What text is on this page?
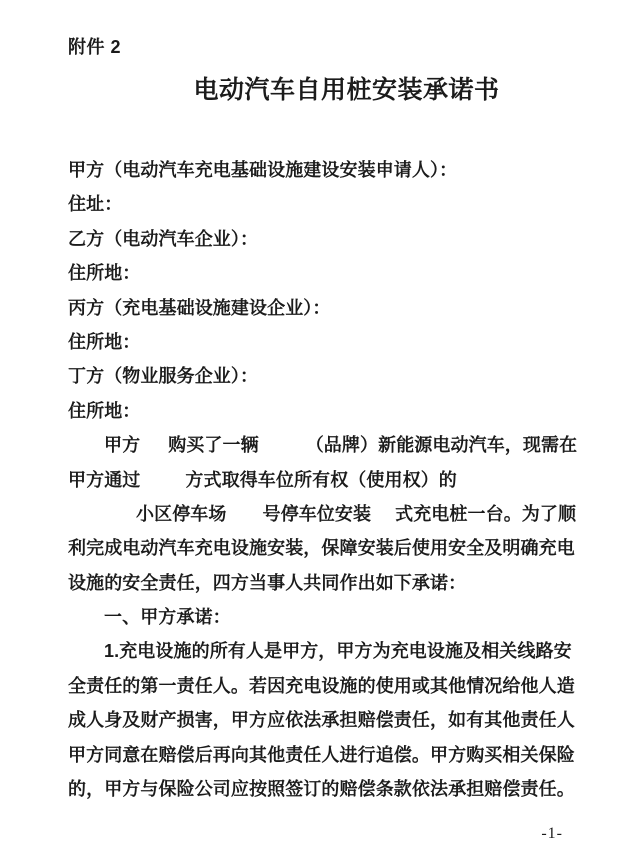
附件 2
电动汽车自用桩安装承诺书
甲方（电动汽车充电基础设施建设安装申请人）：
住址：
乙方（电动汽车企业）：
住所地：
丙方（充电基础设施建设企业）：
住所地：
丁方（物业服务企业）：
住所地：
甲方 购买了一辆	（品牌）新能源电动汽车，现需在
甲方通过	方式取得车位所有权（使用权）的
小区停车场 号停车位安装 式充电桩一台。为了顺
利完成电动汽车充电设施安装，保障安装后使用安全及明确充电
设施的安全责任，四方当事人共同作出如下承诺：
一、甲方承诺：
1.充电设施的所有人是甲方，甲方为充电设施及相关线路安
全责任的第一责任人。若因充电设施的使用或其他情况给他人造
成人身及财产损害，甲方应依法承担赔偿责任，如有其他责任人
甲方同意在赔偿后再向其他责任人进行追偿。甲方购买相关保险
的，甲方与保险公司应按照签订的赔偿条款依法承担赔偿责任。
-1-
